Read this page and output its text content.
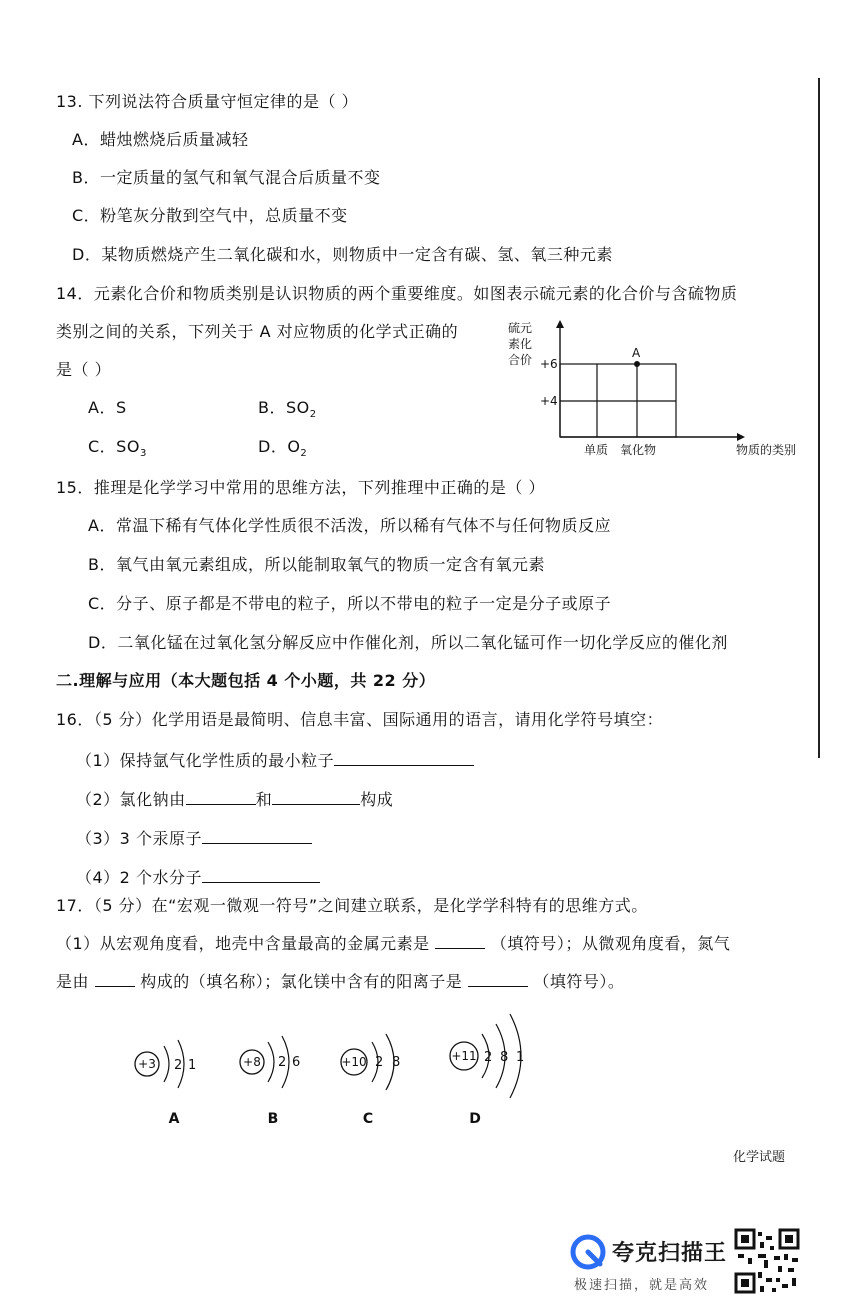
13. 下列说法符合质量守恒定律的是（ ）
A．蜡烛燃烧后质量减轻
B．一定质量的氢气和氧气混合后质量不变
C．粉笔灰分散到空气中，总质量不变
D．某物质燃烧产生二氧化碳和水，则物质中一定含有碳、氢、氧三种元素
14．元素化合价和物质类别是认识物质的两个重要维度。如图表示硫元素的化合价与含硫物质
类别之间的关系，下列关于 A 对应物质的化学式正确的
是（ ）
A．S	B．$SO_2$
C．$SO_3$	D．$O_2$
硫元
素化
合价 +6
+4
单质 氧化物	物质的类别
A
15．推理是化学学习中常用的思维方法，下列推理中正确的是（ ）
A．常温下稀有气体化学性质很不活泼，所以稀有气体不与任何物质反应
B．氧气由氧元素组成，所以能制取氧气的物质一定含有氧元素
C．分子、原子都是不带电的粒子，所以不带电的粒子一定是分子或原子
D．二氧化锰在过氧化氢分解反应中作催化剂，所以二氧化锰可作一切化学反应的催化剂
二.理解与应用（本大题包括 4 个小题，共 22 分）
16．（5 分）化学用语是最简明、信息丰富、国际通用的语言，请用化学符号填空：
（1）保持氩气化学性质的最小粒子
（2）氯化钠由	和	构成
（3）3 个汞原子
（4）2 个水分子
17．（5 分）在“宏观一微观一符号”之间建立联系，是化学学科特有的思维方式。
（1）从宏观角度看，地壳中含量最高的金属元素是	（填符号）；从微观角度看，氮气
是由	构成的（填名称）；氯化镁中含有的阳离子是	（填符号）。
+3 2 1
A
+8 2 6
B
+10 2 8
C
+11 2 8 1
D
化学试题
夸克扫描王
极速扫描，就是高效
